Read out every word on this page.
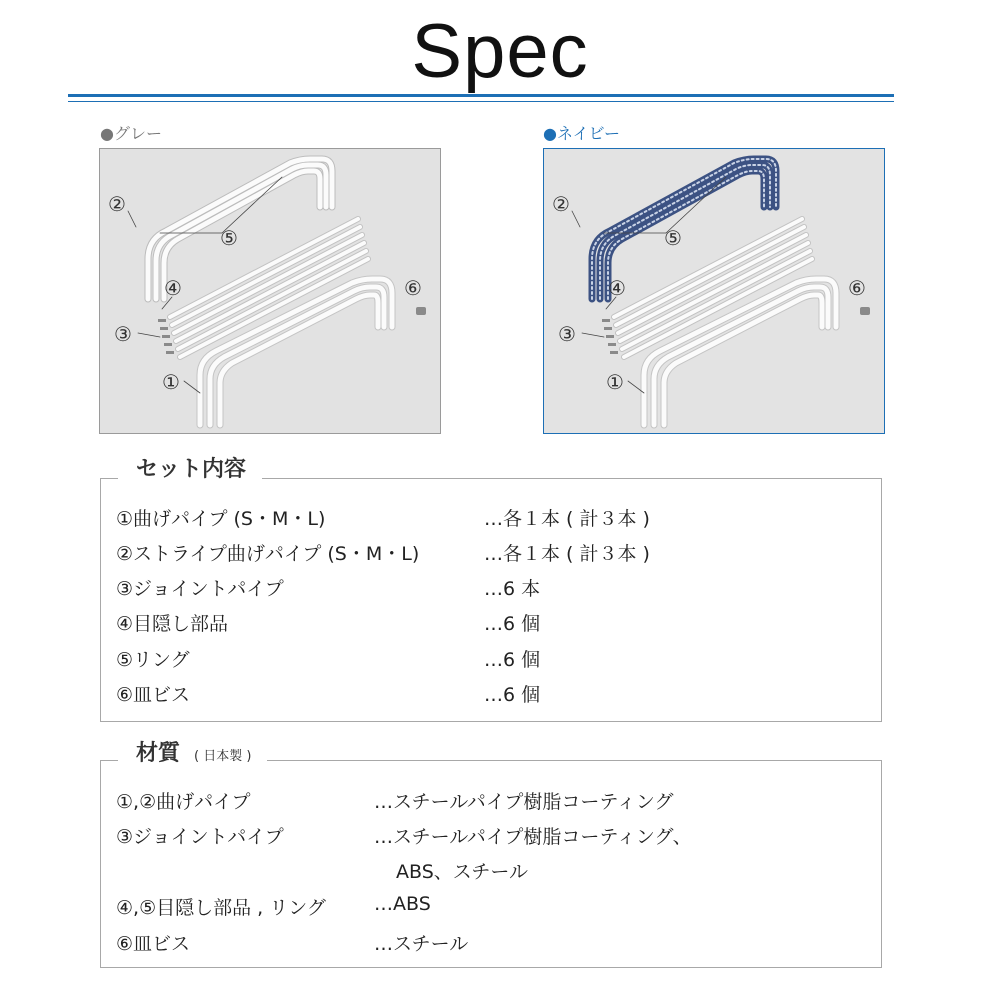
Spec
●グレー	●ネイビー
②
⑤
④	⑥
③
①
②
⑤
④	⑥
③
①
セット内容
①曲げパイプ (S・M・L)	…各１本 ( 計３本 )
②ストライプ曲げパイプ (S・M・L)	…各１本 ( 計３本 )
③ジョイントパイプ	…6 本
④目隠し部品	…6 個
⑤リング	…6 個
⑥皿ビス	…6 個
材質 ( 日本製 )
①,②曲げパイプ	…スチールパイプ樹脂コーティング
③ジョイントパイプ	…スチールパイプ樹脂コーティング、
ABS、スチール
④,⑤目隠し部品 , リング	…ABS
⑥皿ビス	…スチール
